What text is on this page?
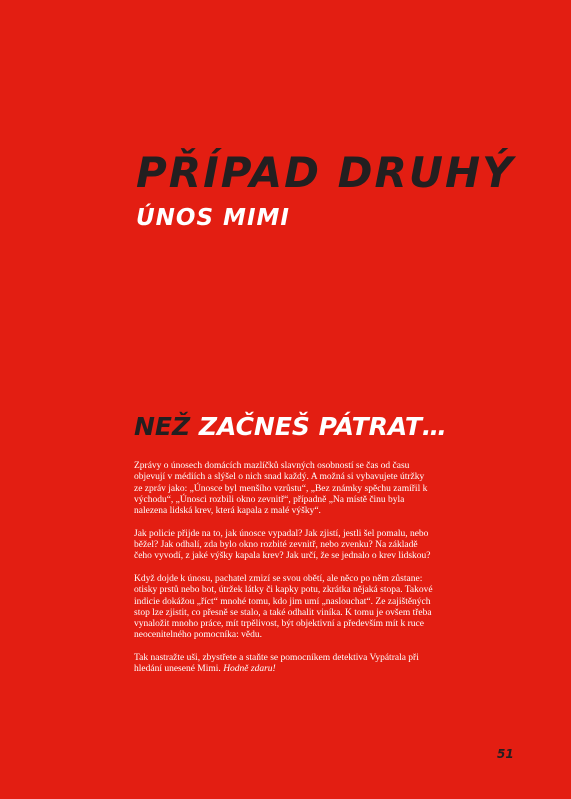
PŘÍPAD DRUHÝ
ÚNOS MIMI
NEŽ ZAČNEŠ PÁTRAT…

Zprávy o únosech domácích mazlíčků slavných osobností se čas od času objevují v médiích a slýšel o nich snad každý. A možná si vybavujete útržky ze zpráv jako: „Únosce byl menšího vzrůstu“, „Bez známky spěchu zamířil k východu“, „Únosci rozbili okno zevnitř“, případně „Na místě činu byla nalezena lidská krev, která kapala z malé výšky“.

Jak policie přijde na to, jak únosce vypadal? Jak zjistí, jestli šel pomalu, nebo běžel? Jak odhalí, zda bylo okno rozbité zevnitř, nebo zvenku? Na základě čeho vyvodí, z jaké výšky kapala krev? Jak určí, že se jednalo o krev lidskou?

Když dojde k únosu, pachatel zmizí se svou obětí, ale něco po něm zůstane: otisky prstů nebo bot, útržek látky či kapky potu, zkrátka nějaká stopa. Takové indicie dokážou „říct“ mnohé tomu, kdo jim umí „naslouchat“. Ze zajištěných stop lze zjistit, co přesně se stalo, a také odhalit viníka. K tomu je ovšem třeba vynaložit mnoho práce, mít trpělivost, být objektivní a především mít k ruce neocenitelného pomocníka: vědu.

Tak nastražte uši, zbystřete a staňte se pomocníkem detektiva Vypátrala při hledání unesené Mimi. Hodně zdaru!

51
